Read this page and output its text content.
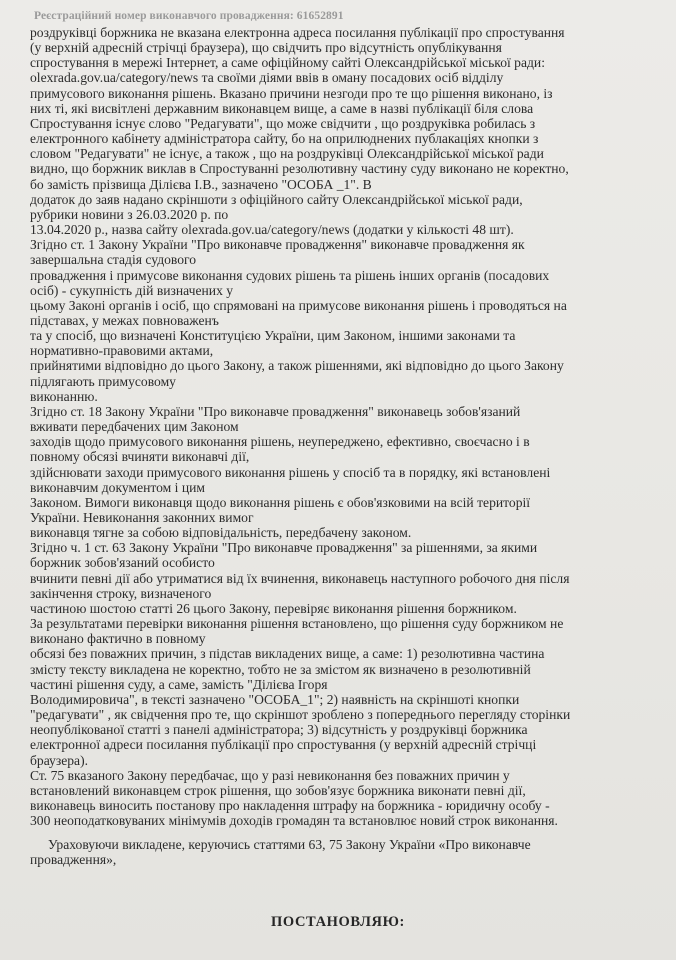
Реєстраційний номер виконавчого провадження: 61652891
роздруківці боржника не вказана електронна адреса посилання публікації про спростування
(у верхній адресній стрічці браузера), що свідчить про відсутність опублікування
спростування в мережі Інтернет, а саме офіційному сайті Олександрійської міської ради:
olexrada.gov.ua/category/news та своїми діями ввів в оману посадових осіб відділу
примусового виконання рішень. Вказано причини незгоди про те що рішення виконано, із
них ті, які висвітлені державним виконавцем вище, а саме в назві публікації біля слова
Спростування існує слово "Редагувати", що може свідчити , що роздруківка робилась з
електронного кабінету адміністратора сайту, бо на оприлюднених публакаціях кнопки з
словом "Редагувати" не існує, а також , що на роздруківці Олександрійської міської ради
видно, що боржник виклав в Спростуванні резолютивну частину суду виконано не коректно,
бо замість прізвища Ділієва І.В., зазначено "ОСОБА _1". В
додаток до заяв надано скріншоти з офіційного сайту Олександрійської міської ради,
рубрики новини з 26.03.2020 р. по
13.04.2020 р., назва сайту olexrada.gov.ua/category/news (додатки у кількості 48 шт).
Згідно ст. 1 Закону України "Про виконавче провадження" виконавче провадження як
завершальна стадія судового
провадження і примусове виконання судових рішень та рішень інших органів (посадових
осіб) - сукупність дій визначених у
цьому Законі органів і осіб, що спрямовані на примусове виконання рішень і проводяться на
підставах, у межах повноваженъ
та у спосіб, що визначені Конституцією України, цим Законом, іншими законами та
нормативно-правовими актами,
прийнятими відповідно до цього Закону, а також рішеннями, які відповідно до цього Закону
підлягають примусовому
виконанню.
Згідно ст. 18 Закону України "Про виконавче провадження" виконавець зобов'язаний
вживати передбачених цим Законом
заходів щодо примусового виконання рішень, неупереджено, ефективно, своєчасно і в
повному обсязі вчиняти виконавчі дії,
здійснювати заходи примусового виконання рішень у спосіб та в порядку, які встановлені
виконавчим документом і цим
Законом. Вимоги виконавця щодо виконання рішень є обов'язковими на всій території
України. Невиконання законних вимог
виконавця тягне за собою відповідальність, передбачену законом.
Згідно ч. 1 ст. 63 Закону України "Про виконавче провадження" за рішеннями, за якими
боржник зобов'язаний особисто
вчинити певні дії або утриматися від їх вчинення, виконавець наступного робочого дня після
закінчення строку, визначеного
частиною шостою статті 26 цього Закону, перевіряє виконання рішення боржником.
За результатами перевірки виконання рішення встановлено, що рішення суду боржником не
виконано фактично в повному
обсязі без поважних причин, з підстав викладених вище, а саме: 1) резолютивна частина
змісту тексту викладена не коректно, тобто не за змістом як визначено в резолютивній
частині рішення суду, а саме, замість "Ділієва Ігоря
Володимировича", в тексті зазначено "ОСОБА_1"; 2) наявність на скріншоті кнопки
"редагувати" , як свідчення про те, що скріншот зроблено з попереднього перегляду сторінки
неопублікованої статті з панелі адміністратора; 3) відсутність у роздруківці боржника
електронної адреси посилання публікації про спростування (у верхній адресній стрічці
браузера).
Ст. 75 вказаного Закону передбачає, що у разі невиконання без поважних причин у
встановлений виконавцем строк рішення, що зобов'язує боржника виконати певні дії,
виконавець виносить постанову про накладення штрафу на боржника - юридичну особу -
300 неоподатковуваних мінімумів доходів громадян та встановлює новий строк виконання.
Ураховуючи викладене, керуючись статтями 63, 75 Закону України «Про виконавче
провадження»,
ПОСТАНОВЛЯЮ:
